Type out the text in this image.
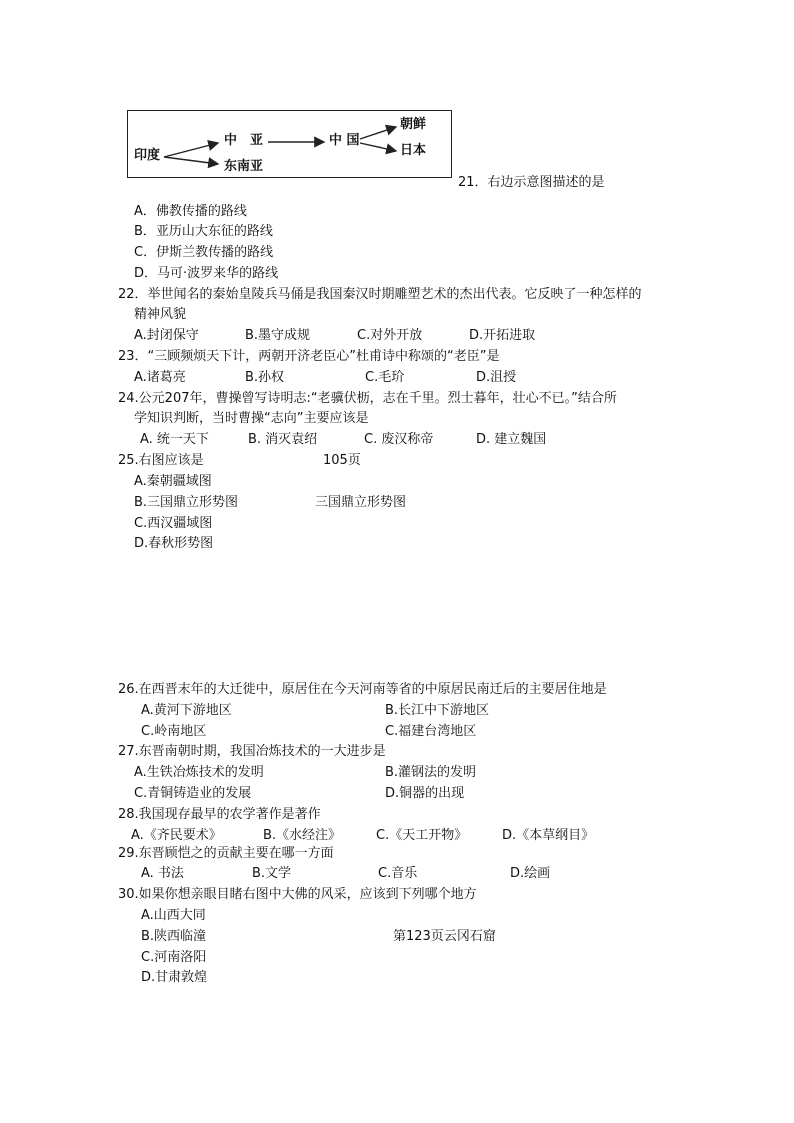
印度
中　亚
东南亚
中 国
朝鲜
日本
21．右边示意图描述的是
A．佛教传播的路线
B．亚历山大东征的路线
C．伊斯兰教传播的路线
D．马可·波罗来华的路线
22．举世闻名的秦始皇陵兵马俑是我国秦汉时期雕塑艺术的杰出代表。它反映了一种怎样的
精神风貌
A.封闭保守	B.墨守成规	C.对外开放	D.开拓进取
23．“三顾频烦天下计，两朝开济老臣心”杜甫诗中称颂的“老臣”是
A.诸葛亮	B.孙权	C.毛玠	D.沮授
24.公元207年，曹操曾写诗明志:“老骥伏枥，志在千里。烈士暮年，壮心不已。”结合所
学知识判断，当时曹操“志向”主要应该是
A. 统一天下	B. 消灭袁绍	C. 废汉称帝	D. 建立魏国
25.右图应该是	105页
A.秦朝疆域图
B.三国鼎立形势图	三国鼎立形势图
C.西汉疆域图
D.春秋形势图
26.在西晋末年的大迁徙中，原居住在今天河南等省的中原居民南迁后的主要居住地是
A.黄河下游地区	B.长江中下游地区
C.岭南地区	C.福建台湾地区
27.东晋南朝时期，我国冶炼技术的一大进步是
A.生铁冶炼技术的发明	B.灌钢法的发明
C.青铜铸造业的发展	D.铜器的出现
28.我国现存最早的农学著作是著作
A.《齐民要术》	B.《水经注》	C.《天工开物》	D.《本草纲目》
29.东晋顾恺之的贡献主要在哪一方面
A. 书法	B.文学	C.音乐	D.绘画
30.如果你想亲眼目睹右图中大佛的风采，应该到下列哪个地方
A.山西大同
B.陕西临潼	第123页云冈石窟
C.河南洛阳
D.甘肃敦煌
